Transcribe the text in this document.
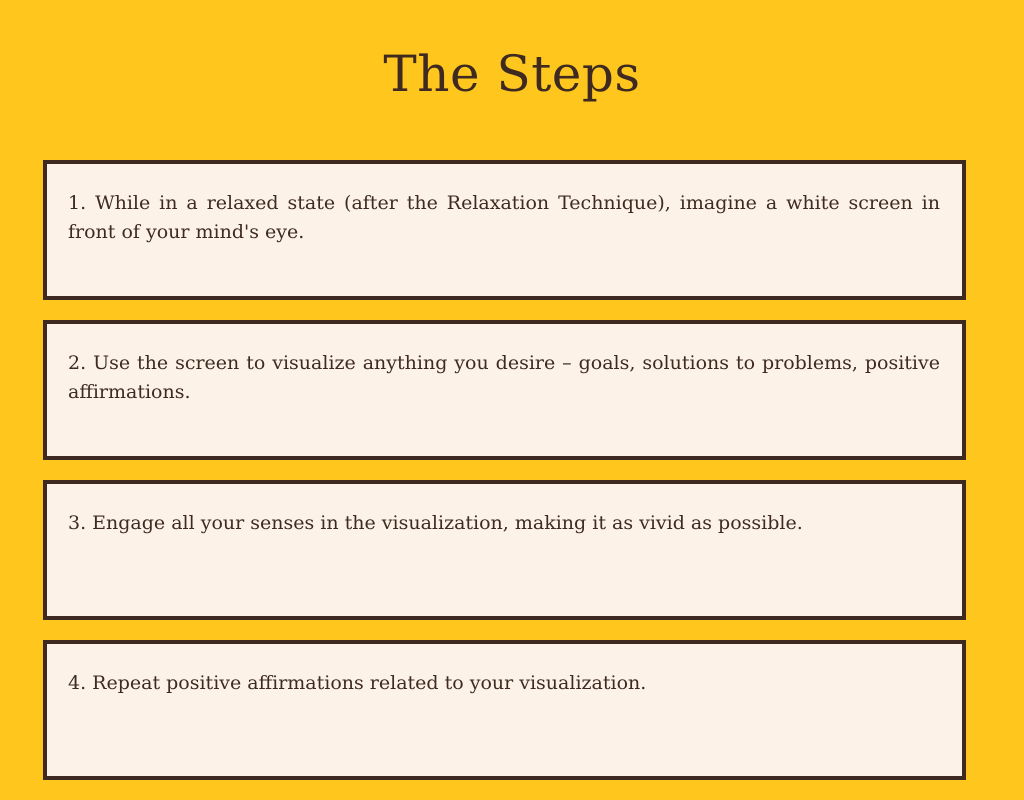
The Steps

1. While in a relaxed state (after the Relaxation Technique), imagine a white screen in front of your mind's eye.

2. Use the screen to visualize anything you desire – goals, solutions to problems, positive affirmations.

3. Engage all your senses in the visualization, making it as vivid as possible.

4. Repeat positive affirmations related to your visualization.
